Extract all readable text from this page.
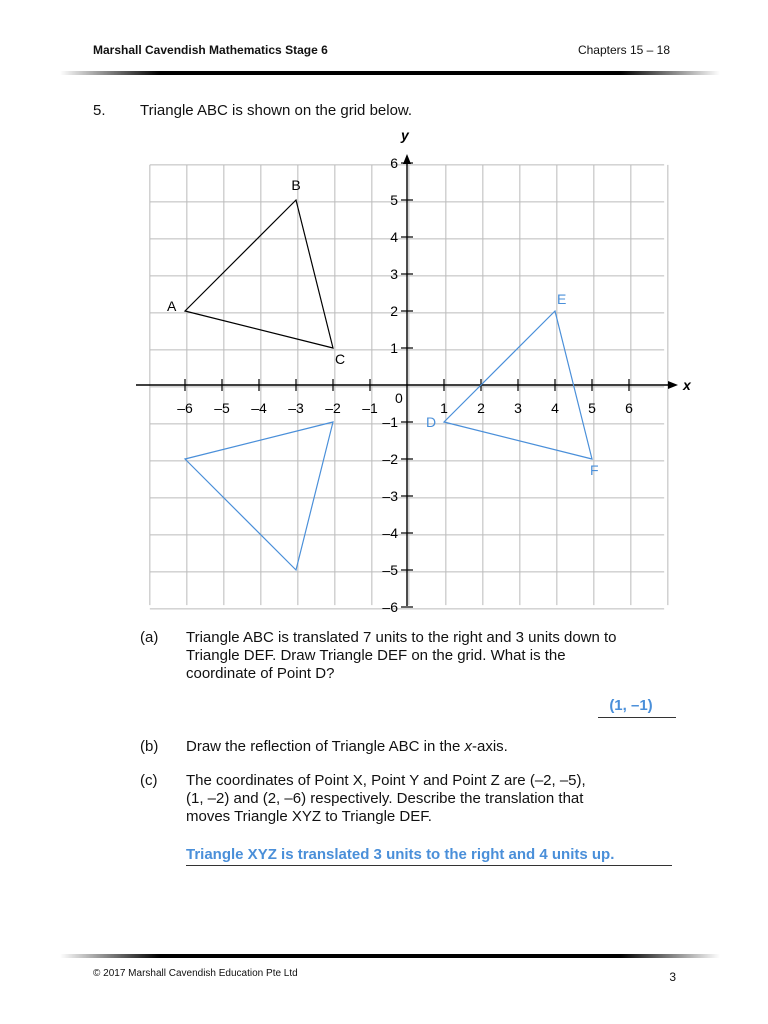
Marshall Cavendish Mathematics Stage 6	Chapters 15 – 18
5. Triangle ABC is shown on the grid below.
x
y
0
–6 –5 –4 –3 –2 –1	1 2 3 4 5 6
6
5
4
3
2
1
–1
–2
–3
–4
–5
–6
A
B
C
D
E
F
(a) Triangle ABC is translated 7 units to the right and 3 units down to
Triangle DEF. Draw Triangle DEF on the grid. What is the
coordinate of Point D?
(1, –1)
(b) Draw the reflection of Triangle ABC in the x-axis.
(c) The coordinates of Point X, Point Y and Point Z are (–2, –5),
(1, –2) and (2, –6) respectively. Describe the translation that
moves Triangle XYZ to Triangle DEF.
Triangle XYZ is translated 3 units to the right and 4 units up.
© 2017 Marshall Cavendish Education Pte Ltd	3
